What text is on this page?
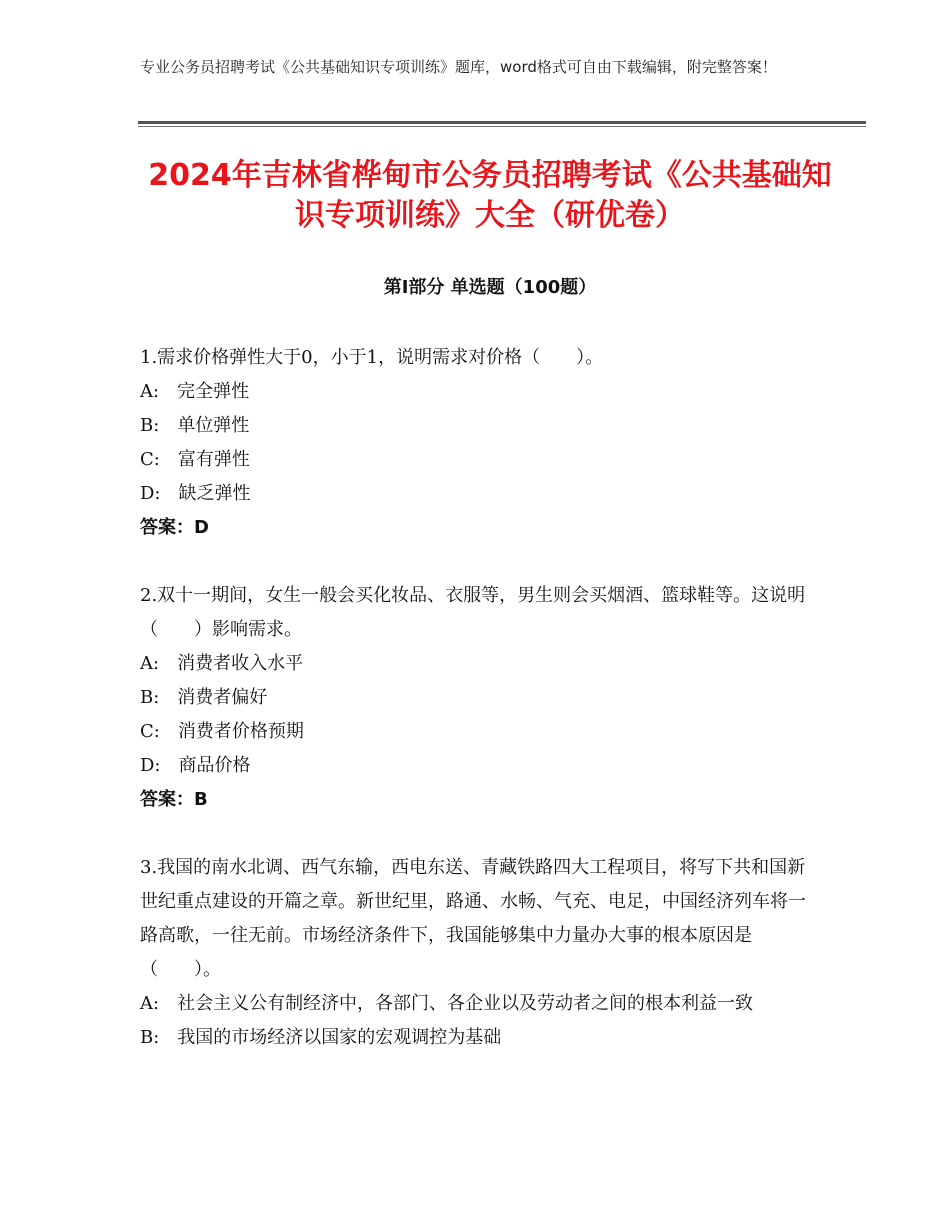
专业公务员招聘考试《公共基础知识专项训练》题库，word格式可自由下载编辑，附完整答案！
2024年吉林省桦甸市公务员招聘考试《公共基础知识专项训练》大全（研优卷）
第Ⅰ部分 单选题（100题）

1.需求价格弹性大于0，小于1，说明需求对价格（　　）。

A:　完全弹性

B:　单位弹性

C:　富有弹性

D:　缺乏弹性

答案：D

2.双十一期间，女生一般会买化妆品、衣服等，男生则会买烟酒、篮球鞋等。这说明（　　）影响需求。

A:　消费者收入水平

B:　消费者偏好

C:　消费者价格预期

D:　商品价格

答案：B

3.我国的南水北调、西气东输，西电东送、青藏铁路四大工程项目，将写下共和国新世纪重点建设的开篇之章。新世纪里，路通、水畅、气充、电足，中国经济列车将一路高歌，一往无前。市场经济条件下，我国能够集中力量办大事的根本原因是（　　）。

A:　社会主义公有制经济中，各部门、各企业以及劳动者之间的根本利益一致

B:　我国的市场经济以国家的宏观调控为基础
